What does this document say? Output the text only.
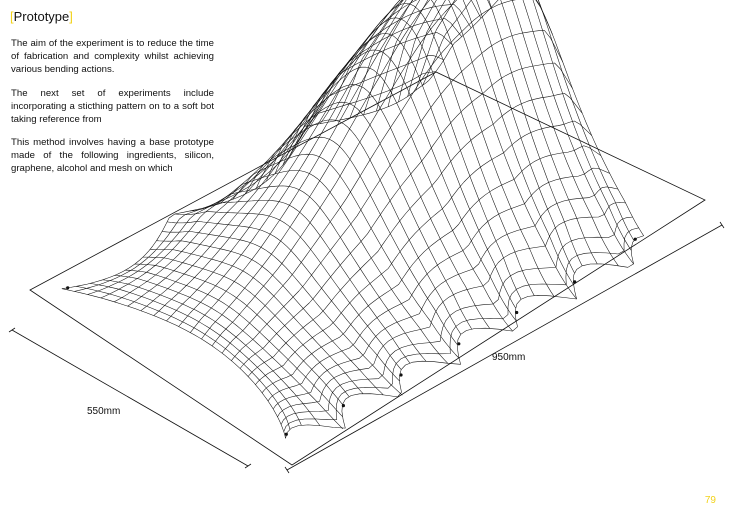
[Prototype]

The aim of the experiment is to reduce the time of fabrication and complexity whilst achieving various bending actions.

The next set of experiments include incorporating a sticthing pattern on to a soft bot taking reference from

This method involves having a base prototype made of the following ingredients, silicon, graphene, alcohol and mesh on which

550mm
950mm
79
